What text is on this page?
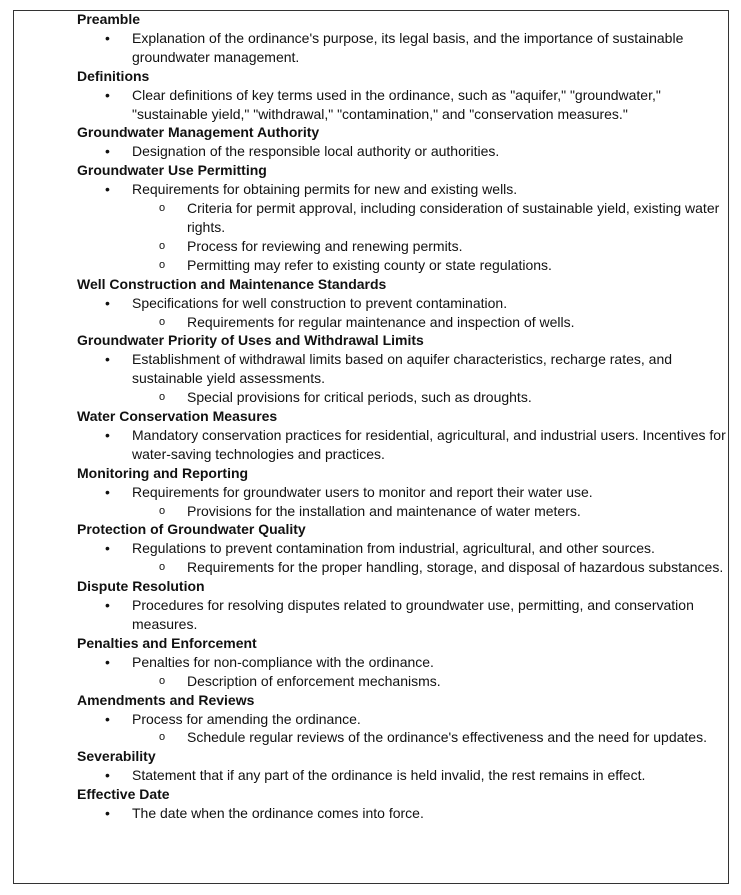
Preamble
• Explanation of the ordinance's purpose, its legal basis, and the importance of sustainable groundwater management.
Definitions
• Clear definitions of key terms used in the ordinance, such as "aquifer," "groundwater," "sustainable yield," "withdrawal," "contamination," and "conservation measures."
Groundwater Management Authority
• Designation of the responsible local authority or authorities.
Groundwater Use Permitting
• Requirements for obtaining permits for new and existing wells.
o Criteria for permit approval, including consideration of sustainable yield, existing water rights.
o Process for reviewing and renewing permits.
o Permitting may refer to existing county or state regulations.
Well Construction and Maintenance Standards
• Specifications for well construction to prevent contamination.
o Requirements for regular maintenance and inspection of wells.
Groundwater Priority of Uses and Withdrawal Limits
• Establishment of withdrawal limits based on aquifer characteristics, recharge rates, and sustainable yield assessments.
o Special provisions for critical periods, such as droughts.
Water Conservation Measures
• Mandatory conservation practices for residential, agricultural, and industrial users. Incentives for water-saving technologies and practices.
Monitoring and Reporting
• Requirements for groundwater users to monitor and report their water use.
o Provisions for the installation and maintenance of water meters.
Protection of Groundwater Quality
• Regulations to prevent contamination from industrial, agricultural, and other sources.
o Requirements for the proper handling, storage, and disposal of hazardous substances.
Dispute Resolution
• Procedures for resolving disputes related to groundwater use, permitting, and conservation measures.
Penalties and Enforcement
• Penalties for non-compliance with the ordinance.
o Description of enforcement mechanisms.
Amendments and Reviews
• Process for amending the ordinance.
o Schedule regular reviews of the ordinance's effectiveness and the need for updates.
Severability
• Statement that if any part of the ordinance is held invalid, the rest remains in effect.
Effective Date
• The date when the ordinance comes into force.
